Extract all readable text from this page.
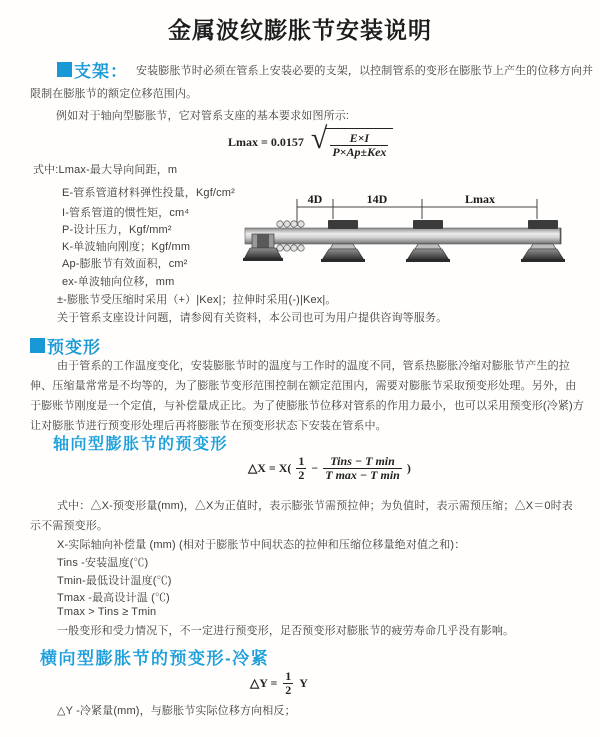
金属波纹膨胀节安装说明
支架： 安装膨胀节时必须在管系上安装必要的支架，以控制管系的变形在膨胀节上产生的位移方向并
限制在膨胀节的额定位移范围内。
例如对于轴向型膨胀节，它对管系支座的基本要求如图所示:
Lmax = 0.0157 √	E×I
P×Ap±Kex
式中:Lmax-最大导向间距，m
E-管系管道材料弹性投量，Kgf/cm²
I-管系管道的惯性矩，cm⁴
P-设计压力，Kgf/mm²
K-单波轴向刚度；Kgf/mm
Ap-膨胀节有效面积，cm²
ex-单波轴向位移，mm
±-膨胀节受压缩时采用（+）|Kex|；拉伸时采用(-)|Kex|。
关于管系支座设计问题，请参阅有关资料，本公司也可为用户提供咨询等服务。
4D	14D	Lmax
预变形
由于管系的工作温度变化，安装膨胀节时的温度与工作时的温度不同，管系热膨胀冷缩对膨胀节产生的拉
伸、压缩量常常是不均等的，为了膨胀节变形范围控制在额定范围内，需要对膨胀节采取预变形处理。另外，由
于膨账节刚度是一个定值，与补偿量成正比。为了使膨胀节位移对管系的作用力最小，也可以采用预变形(冷紧)方
让对膨胀节进行预变形处理后再将膨胀节在预变形状态下安装在管系中。
轴向型膨胀节的预变形
△X = $X( \frac{1}{2}$ −
Tins − T min
T max − T min )
式中：△X-预变形量(mm)，△X为正值时，表示膨张节需预拉伸；为负值时，表示需预压缩；△X＝0时表
示不需预变形。
X-实际轴向补偿量 (mm) (相对于膨胀节中间状态的拉伸和压缩位移量绝对值之和)：
Tins -安装温度(℃)
Tmin-最低设计温度(℃)
Tmax -最高设计温 (℃)
Tmax > Tins ≥ Tmin
一般变形和受力情况下，不一定进行预变形，足否预变形对膨胀节的疲劳寿命几乎没有影响。
横向型膨胀节的预变形-冷紧
△Y = $\frac{1}{2}$ Y
△Y -冷紧量(mm)，与膨胀节实际位移方向相反；
